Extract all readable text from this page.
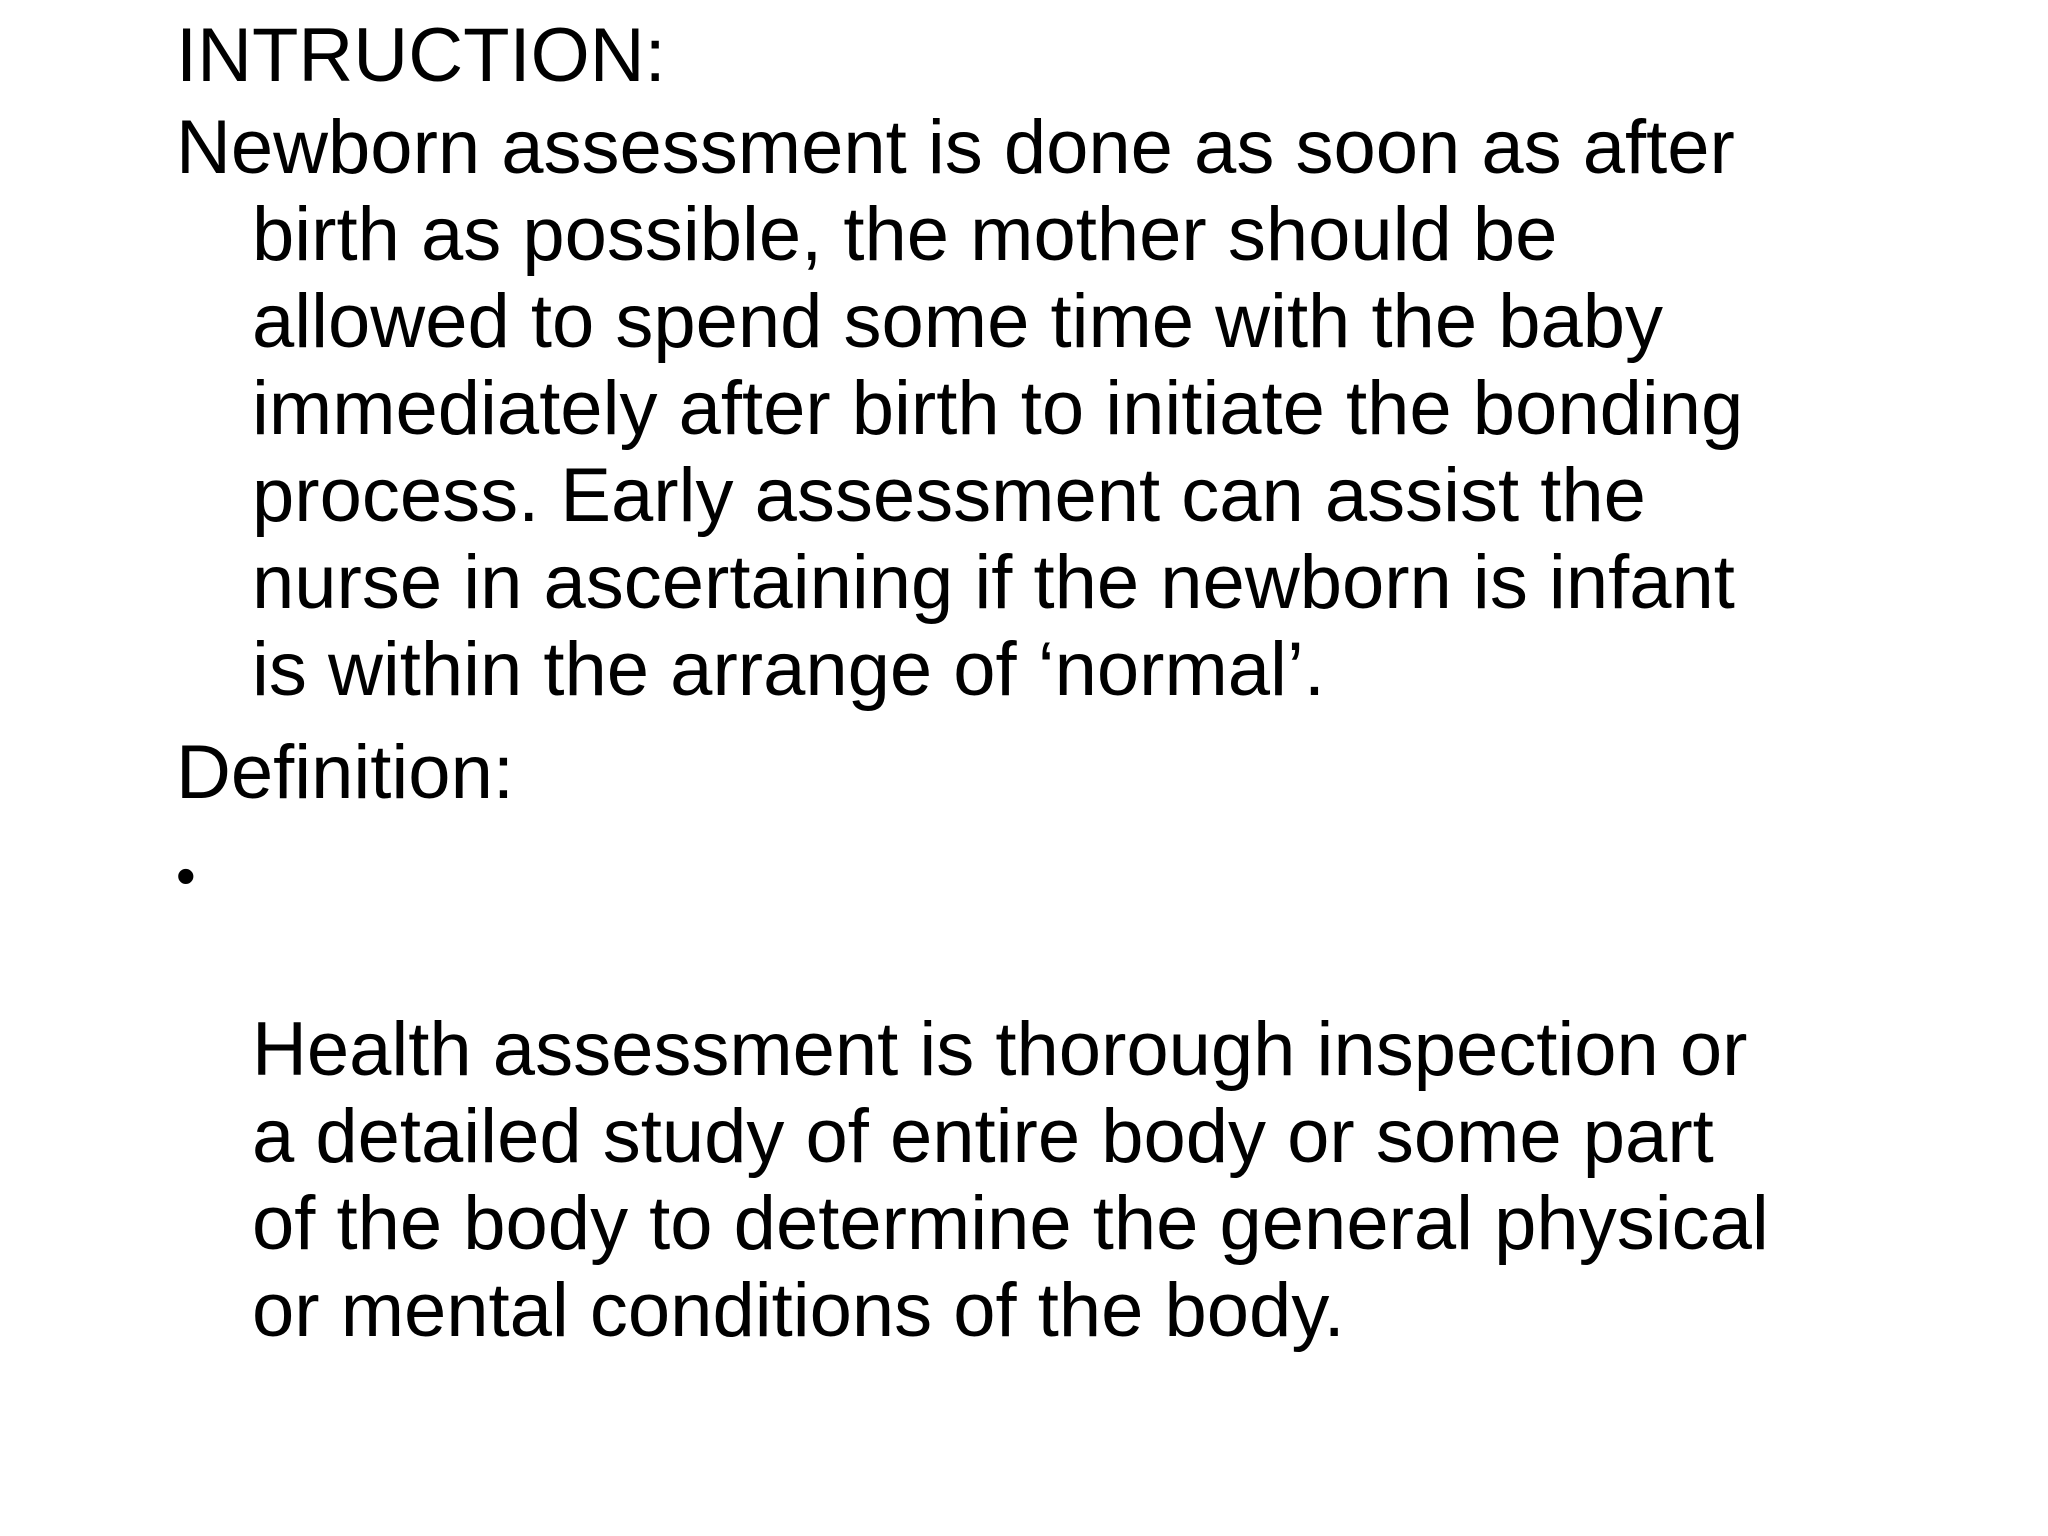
INTRUCTION:

Newborn assessment is done as soon as after
birth as possible, the mother should be
allowed to spend some time with the baby
immediately after birth to initiate the bonding
process. Early assessment can assist the
nurse in ascertaining if the newborn is infant
is within the arrange of ‘normal’.

Definition:

•

Health assessment is thorough inspection or
a detailed study of entire body or some part
of the body to determine the general physical
or mental conditions of the body.
